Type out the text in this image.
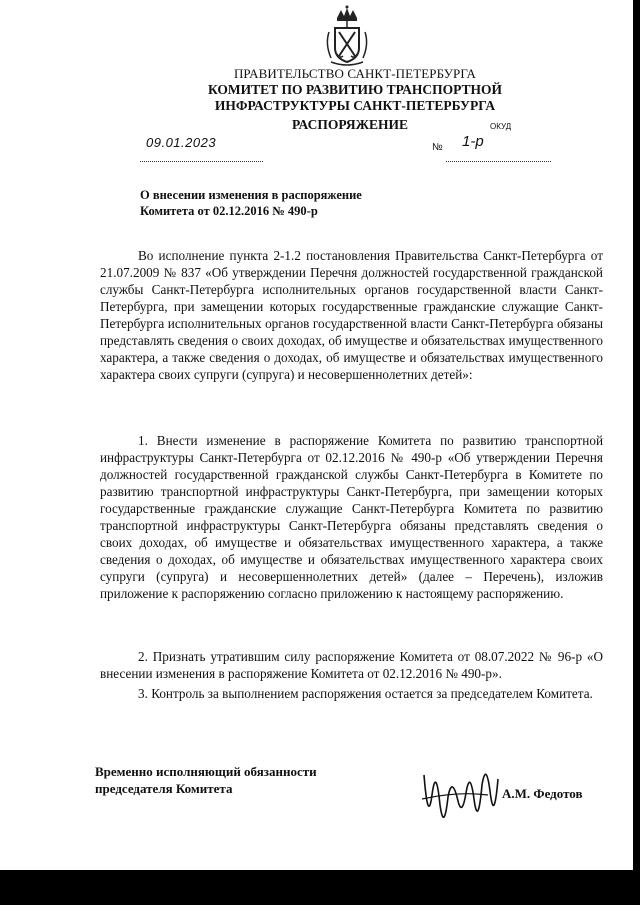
ПРАВИТЕЛЬСТВО САНКТ-ПЕТЕРБУРГА
КОМИТЕТ ПО РАЗВИТИЮ ТРАНСПОРТНОЙ
ИНФРАСТРУКТУРЫ САНКТ-ПЕТЕРБУРГА
РАСПОРЯЖЕНИЕ	ОКУД
09.01.2023	№ 1-р
О внесении изменения в распоряжение
Комитета от 02.12.2016 № 490-р

Во исполнение пункта 2-1.2 постановления Правительства Санкт-Петербурга от 21.07.2009 № 837 «Об утверждении Перечня должностей государственной гражданской службы Санкт-Петербурга исполнительных органов государственной власти Санкт-Петербурга, при замещении которых государственные гражданские служащие Санкт-Петербурга исполнительных органов государственной власти Санкт-Петербурга обязаны представлять сведения о своих доходах, об имуществе и обязательствах имущественного характера, а также сведения о доходах, об имуществе и обязательствах имущественного характера своих супруги (супруга) и несовершеннолетних детей»:

1. Внести изменение в распоряжение Комитета по развитию транспортной инфраструктуры Санкт-Петербурга от 02.12.2016 № 490-р «Об утверждении Перечня должностей государственной гражданской службы Санкт-Петербурга в Комитете по развитию транспортной инфраструктуры Санкт-Петербурга, при замещении которых государственные гражданские служащие Санкт-Петербурга Комитета по развитию транспортной инфраструктуры Санкт-Петербурга обязаны представлять сведения о своих доходах, об имуществе и обязательствах имущественного характера, а также сведения о доходах, об имуществе и обязательствах имущественного характера своих супруги (супруга) и несовершеннолетних детей» (далее – Перечень), изложив приложение к распоряжению согласно приложению к настоящему распоряжению.

2. Признать утратившим силу распоряжение Комитета от 08.07.2022 № 96-р «О внесении изменения в распоряжение Комитета от 02.12.2016 № 490-р».

3. Контроль за выполнением распоряжения остается за председателем Комитета.

Временно исполняющий обязанности
председателя Комитета	А.М. Федотов
